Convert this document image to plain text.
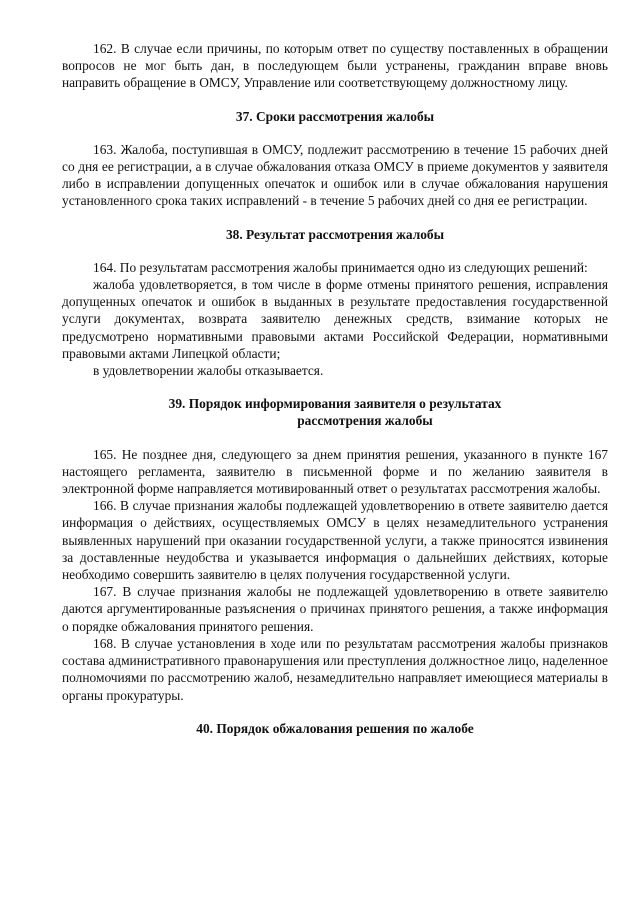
162. В случае если причины, по которым ответ по существу поставленных в обращении вопросов не мог быть дан, в последующем были устранены, гражданин вправе вновь направить обращение в ОМСУ, Управление или соответствующему должностному лицу.

37. Сроки рассмотрения жалобы

163. Жалоба, поступившая в ОМСУ, подлежит рассмотрению в течение 15 рабочих дней со дня ее регистрации, а в случае обжалования отказа ОМСУ в приеме документов у заявителя либо в исправлении допущенных опечаток и ошибок или в случае обжалования нарушения установленного срока таких исправлений - в течение 5 рабочих дней со дня ее регистрации.

38. Результат рассмотрения жалобы

164. По результатам рассмотрения жалобы принимается одно из следующих решений:

жалоба удовлетворяется, в том числе в форме отмены принятого решения, исправления допущенных опечаток и ошибок в выданных в результате предоставления государственной услуги документах, возврата заявителю денежных средств, взимание которых не предусмотрено нормативными правовыми актами Российской Федерации, нормативными правовыми актами Липецкой области;

в удовлетворении жалобы отказывается.

39. Порядок информирования заявителя о результатах

рассмотрения жалобы

165. Не позднее дня, следующего за днем принятия решения, указанного в пункте 167 настоящего регламента, заявителю в письменной форме и по желанию заявителя в электронной форме направляется мотивированный ответ о результатах рассмотрения жалобы.

166. В случае признания жалобы подлежащей удовлетворению в ответе заявителю дается информация о действиях, осуществляемых ОМСУ в целях незамедлительного устранения выявленных нарушений при оказании государственной услуги, а также приносятся извинения за доставленные неудобства и указывается информация о дальнейших действиях, которые необходимо совершить заявителю в целях получения государственной услуги.

167. В случае признания жалобы не подлежащей удовлетворению в ответе заявителю даются аргументированные разъяснения о причинах принятого решения, а также информация о порядке обжалования принятого решения.

168. В случае установления в ходе или по результатам рассмотрения жалобы признаков состава административного правонарушения или преступления должностное лицо, наделенное полномочиями по рассмотрению жалоб, незамедлительно направляет имеющиеся материалы в органы прокуратуры.

40. Порядок обжалования решения по жалобе
